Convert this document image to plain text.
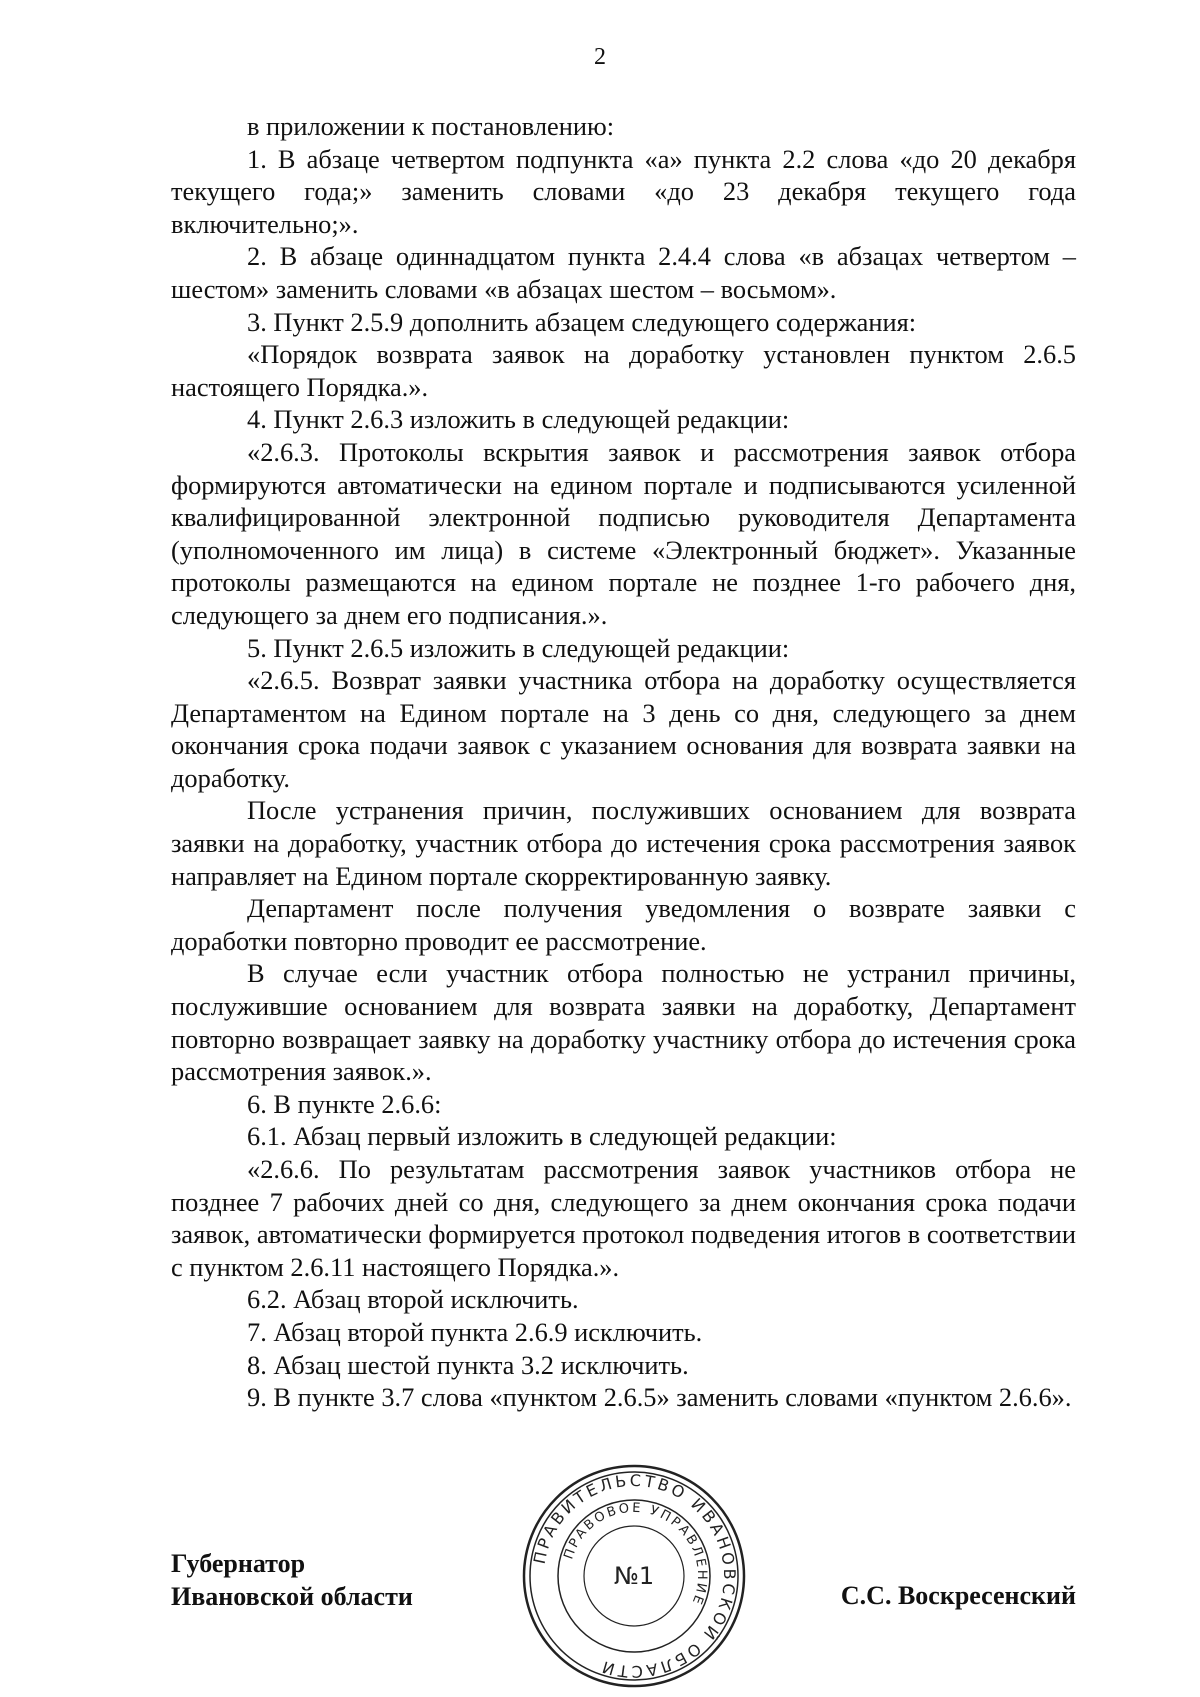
2

в приложении к постановлению:

1. В абзаце четвертом подпункта «а» пункта 2.2 слова «до 20 декабря текущего года;» заменить словами «до 23 декабря текущего года включительно;».

2. В абзаце одиннадцатом пункта 2.4.4 слова «в абзацах четвертом – шестом» заменить словами «в абзацах шестом – восьмом».

3. Пункт 2.5.9 дополнить абзацем следующего содержания:

«Порядок возврата заявок на доработку установлен пунктом 2.6.5 настоящего Порядка.».

4. Пункт 2.6.3 изложить в следующей редакции:

«2.6.3. Протоколы вскрытия заявок и рассмотрения заявок отбора формируются автоматически на едином портале и подписываются усиленной квалифицированной электронной подписью руководителя Департамента (уполномоченного им лица) в системе «Электронный бюджет». Указанные протоколы размещаются на едином портале не позднее 1-го рабочего дня, следующего за днем его подписания.».

5. Пункт 2.6.5 изложить в следующей редакции:

«2.6.5. Возврат заявки участника отбора на доработку осуществляется Департаментом на Едином портале на 3 день со дня, следующего за днем окончания срока подачи заявок с указанием основания для возврата заявки на доработку.

После устранения причин, послуживших основанием для возврата заявки на доработку, участник отбора до истечения срока рассмотрения заявок направляет на Едином портале скорректированную заявку.

Департамент после получения уведомления о возврате заявки с доработки повторно проводит ее рассмотрение.

В случае если участник отбора полностью не устранил причины, послужившие основанием для возврата заявки на доработку, Департамент повторно возвращает заявку на доработку участнику отбора до истечения срока рассмотрения заявок.».

6. В пункте 2.6.6:

6.1. Абзац первый изложить в следующей редакции:

«2.6.6. По результатам рассмотрения заявок участников отбора не позднее 7 рабочих дней со дня, следующего за днем окончания срока подачи заявок, автоматически формируется протокол подведения итогов в соответствии с пунктом 2.6.11 настоящего Порядка.».

6.2. Абзац второй исключить.

7. Абзац второй пункта 2.6.9 исключить.

8. Абзац шестой пункта 3.2 исключить.

9. В пункте 3.7 слова «пунктом 2.6.5» заменить словами «пунктом 2.6.6».

Губернатор
Ивановской области	С.С. Воскресенский
ПРАВИТЕЛЬСТВО ИВАНОВСКОЙ ОБЛАСТИ
ПРАВОВОЕ УПРАВЛЕНИЕ
№1
